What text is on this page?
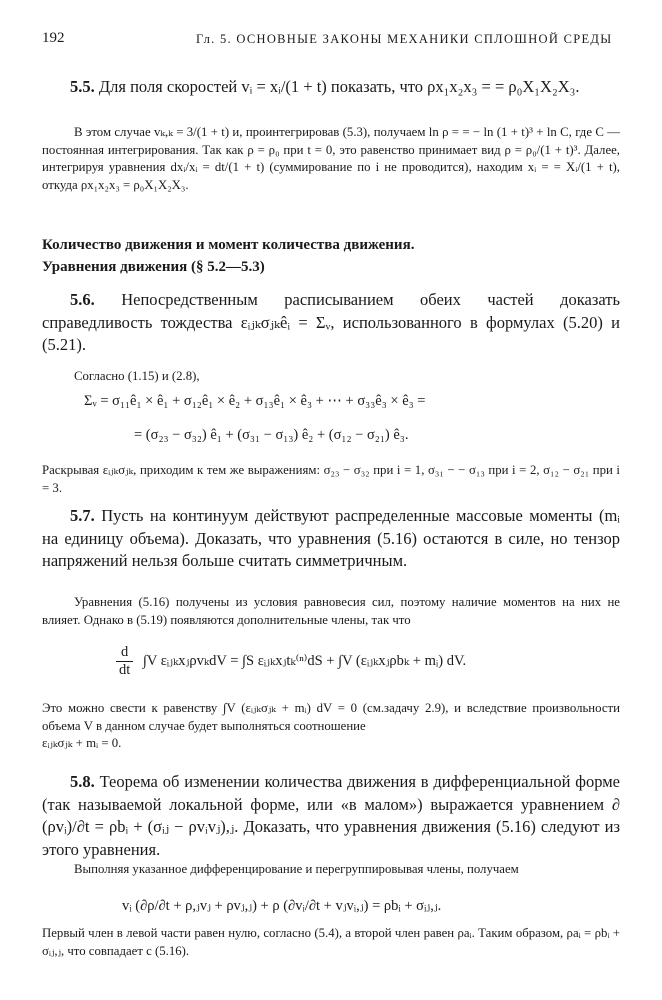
192	Гл. 5. ОСНОВНЫЕ ЗАКОНЫ МЕХАНИКИ СПЛОШНОЙ СРЕДЫ
5.5. Для поля скоростей vᵢ = xᵢ/(1 + t) показать, что ρx₁x₂x₃ = = ρ₀X₁X₂X₃.
В этом случае vₖ,ₖ = 3/(1 + t) и, проинтегрировав (5.3), получаем ln ρ = = − ln (1 + t)³ + ln C, где C — постоянная интегрирования. Так как ρ = ρ₀ при t = 0, это равенство принимает вид ρ = ρ₀/(1 + t)³. Далее, интегрируя уравнения dxᵢ/xᵢ = dt/(1 + t) (суммирование по i не проводится), находим xᵢ = = Xᵢ/(1 + t), откуда ρx₁x₂x₃ = ρ₀X₁X₂X₃.
Количество движения и момент количества движения.
Уравнения движения (§ 5.2—5.3)
5.6. Непосредственным расписыванием обеих частей доказать справедливость тождества εᵢⱼₖσⱼₖêᵢ = Σᵥ, использованного в формулах (5.20) и (5.21).
Согласно (1.15) и (2.8),
Σᵥ = σ₁₁ê₁ × ê₁ + σ₁₂ê₁ × ê₂ + σ₁₃ê₁ × ê₃ + ⋯ + σ₃₃ê₃ × ê₃ =
= (σ₂₃ − σ₃₂) ê₁ + (σ₃₁ − σ₁₃) ê₂ + (σ₁₂ − σ₂₁) ê₃.
Раскрывая εᵢⱼₖσⱼₖ, приходим к тем же выражениям: σ₂₃ − σ₃₂ при i = 1, σ₃₁ − − σ₁₃ при i = 2, σ₁₂ − σ₂₁ при i = 3.
5.7. Пусть на континуум действуют распределенные массовые моменты (mᵢ на единицу объема). Доказать, что уравнения (5.16) остаются в силе, но тензор напряжений нельзя больше считать симметричным.
Уравнения (5.16) получены из условия равновесия сил, поэтому наличие моментов на них не влияет. Однако в (5.19) появляются дополнительные члены, так что
$\frac{d}{dt} \int V$ εᵢⱼₖxⱼρvₖdV = ∫S εᵢⱼₖxⱼtₖ⁽ⁿ⁾dS + ∫V (εᵢⱼₖxⱼρbₖ + mᵢ) dV.
Это можно свести к равенству ∫V (εᵢⱼₖσⱼₖ + mᵢ) dV = 0 (см.задачу 2.9), и вследствие произвольности объема V в данном случае будет выполняться соотношение
εᵢⱼₖσⱼₖ + mᵢ = 0.
5.8. Теорема об изменении количества движения в дифференциальной форме (так называемой локальной форме, или «в малом») выражается уравнением ∂ (ρvᵢ)/∂t = ρbᵢ + (σᵢⱼ − ρvᵢvⱼ),ⱼ. Доказать, что уравнения движения (5.16) следуют из этого уравнения.
Выполняя указанное дифференцирование и перегруппировывая члены, получаем
vᵢ (∂ρ/∂t + ρ,ⱼvⱼ + ρvⱼ,ⱼ) + ρ (∂vᵢ/∂t + vⱼvᵢ,ⱼ) = ρbᵢ + σᵢⱼ,ⱼ.
Первый член в левой части равен нулю, согласно (5.4), а второй член равен ρaᵢ. Таким образом, ρaᵢ = ρbᵢ + σᵢⱼ,ⱼ, что совпадает с (5.16).
